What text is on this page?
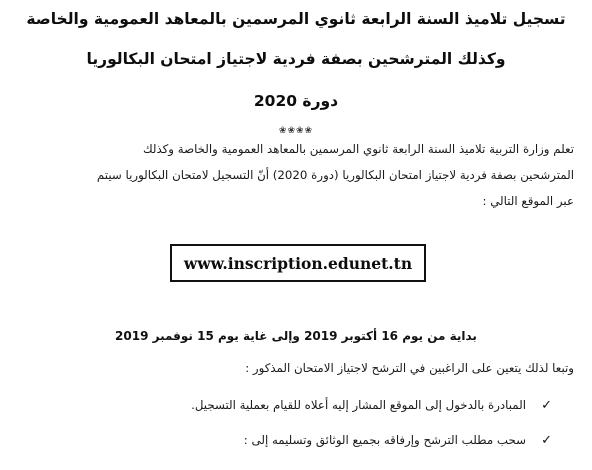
تسجيل تلاميذ السنة الرابعة ثانوي المرسمين بالمعاهد العمومية والخاصة
وكذلك المترشحين بصفة فردية لاجتياز امتحان البكالوريا
دورة 2020
❀❀❀❀
تعلم وزارة التربية تلاميذ السنة الرابعة ثانوي المرسمين بالمعاهد العمومية والخاصة وكذلك
المترشحين بصفة فردية لاجتياز امتحان البكالوريا (دورة 2020) أنّ التسجيل لامتحان البكالوريا سيتم
عبر الموقع التالي :
www.inscription.edunet.tn
بداية من يوم 16 أكتوبر 2019 وإلى غاية يوم 15 نوفمبر 2019
وتبعا لذلك يتعين على الراغبين في الترشح لاجتياز الامتحان المذكور :
✓المبادرة بالدخول إلى الموقع المشار إليه أعلاه للقيام بعملية التسجيل.
✓سحب مطلب الترشح وإرفاقه بجميع الوثائق وتسليمه إلى :
